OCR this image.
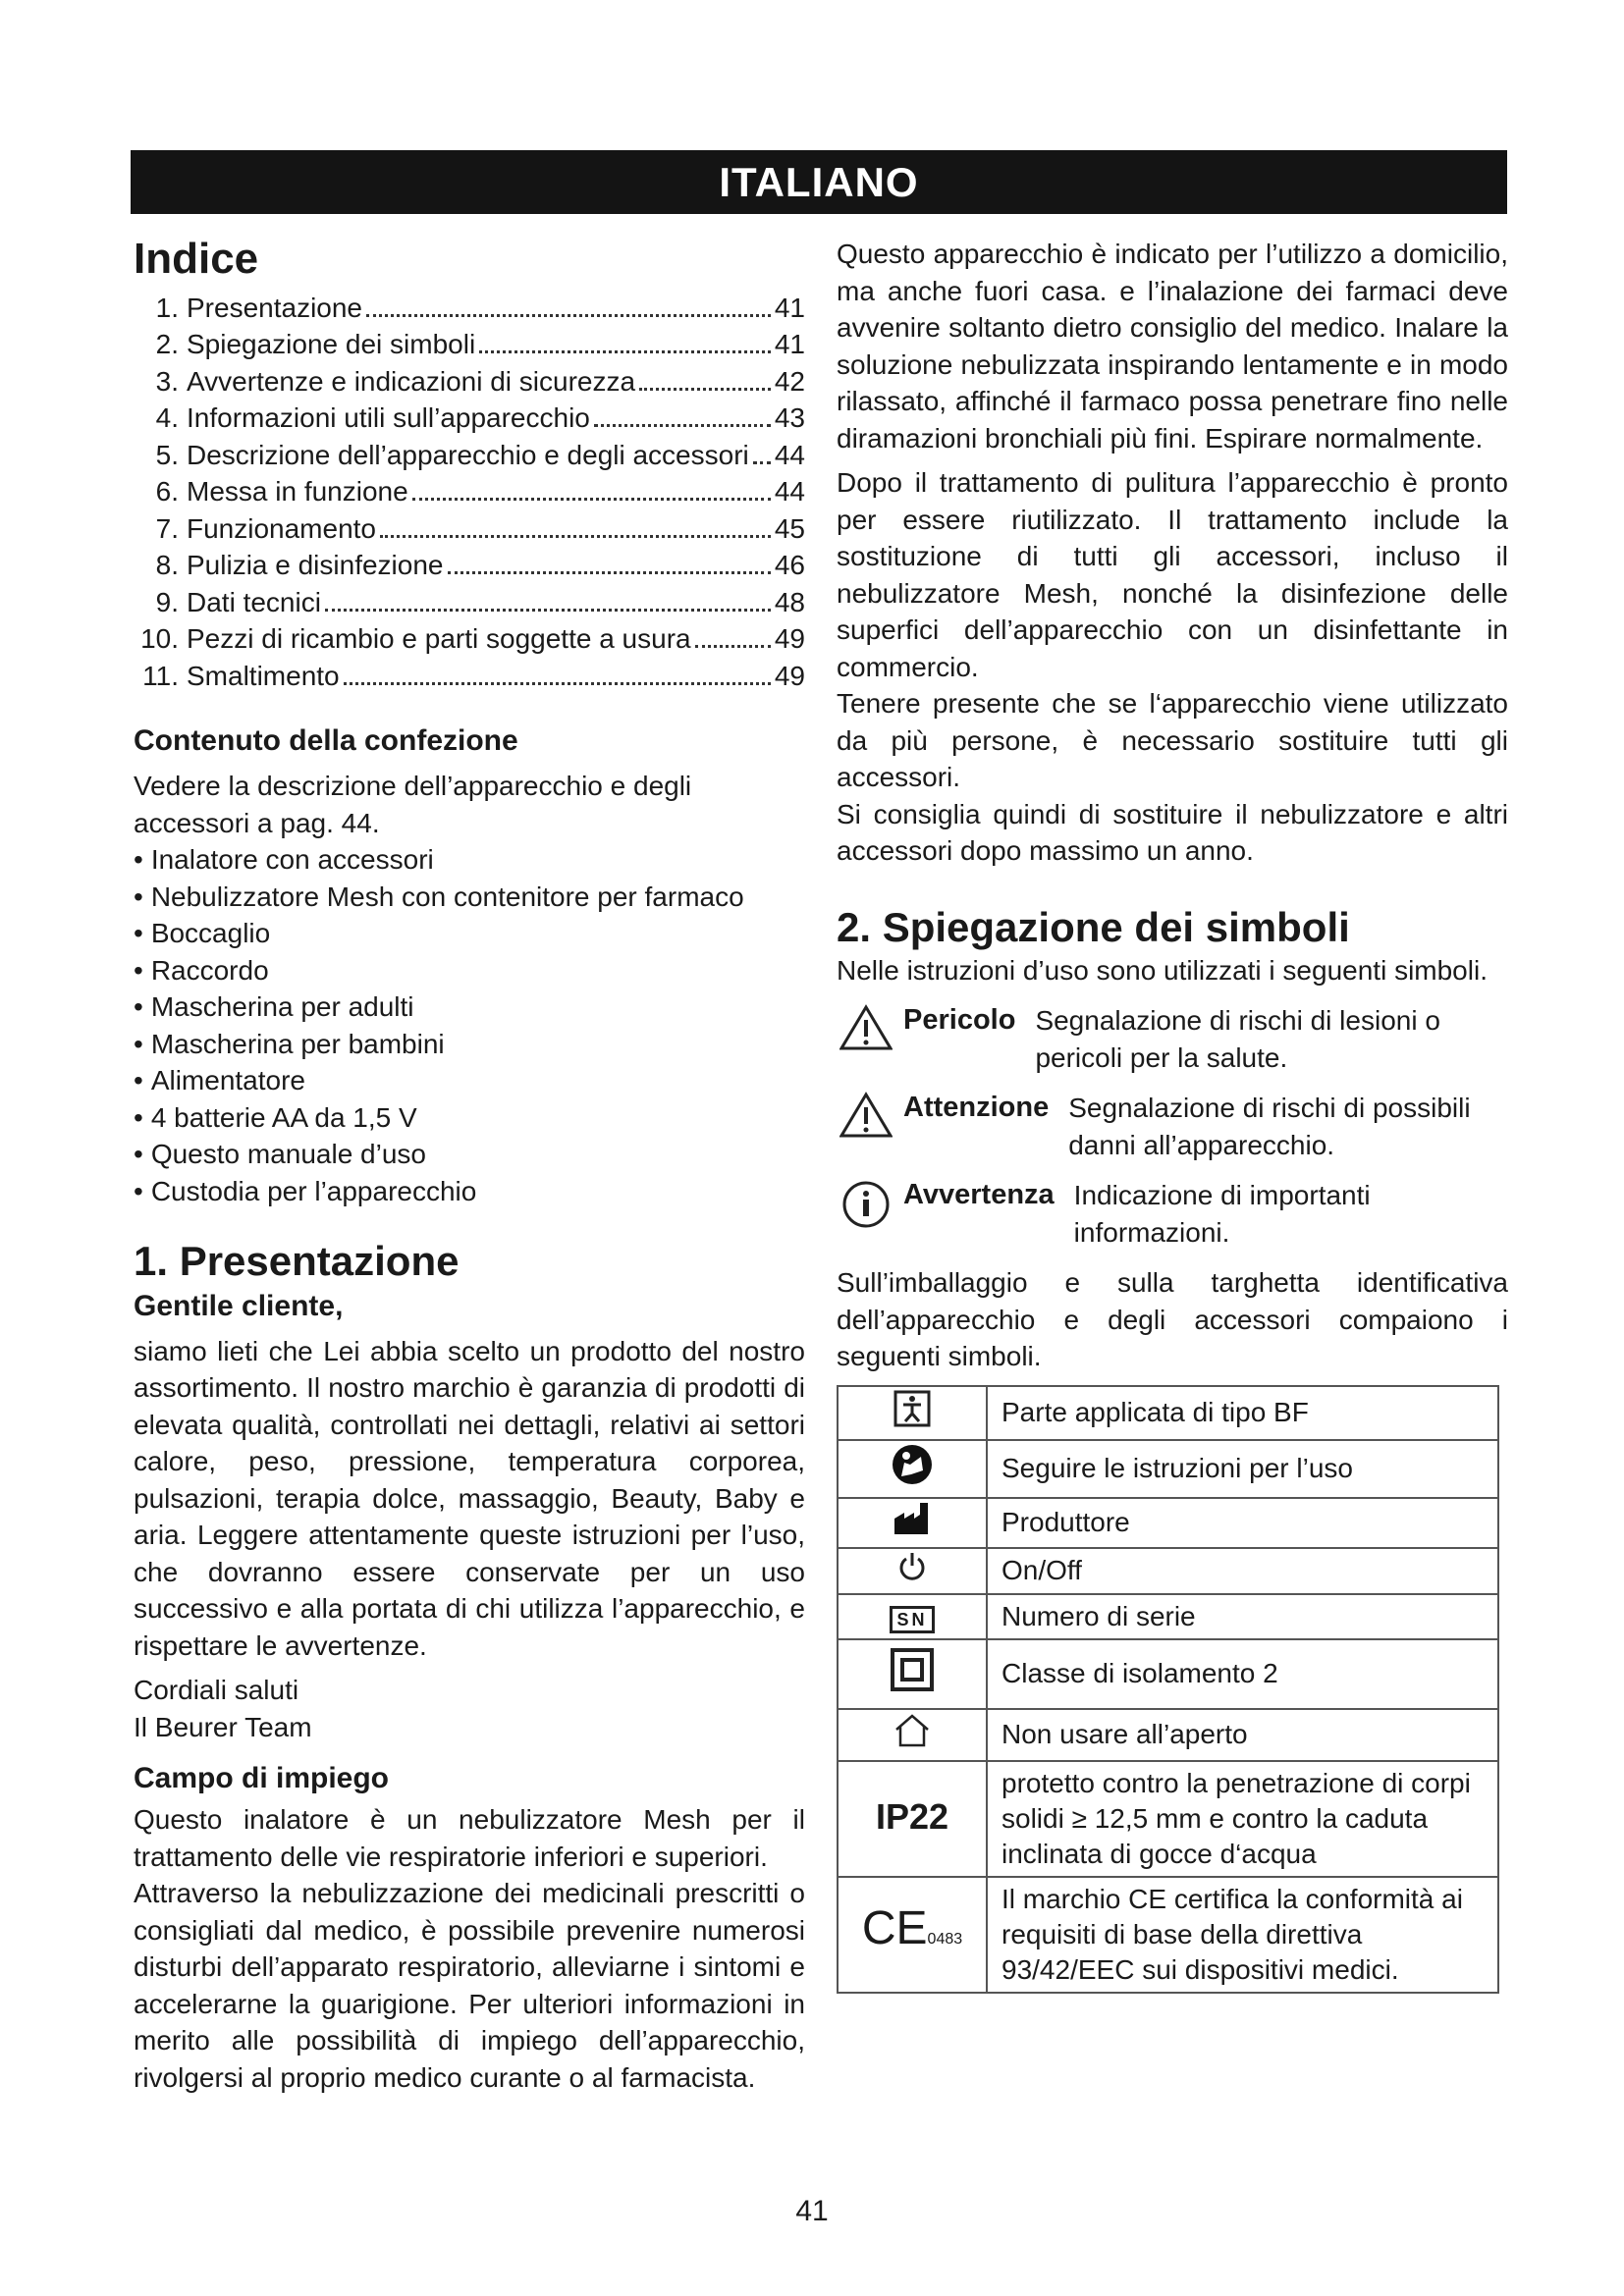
ITALIANO
Indice
1. Presentazione	41
2. Spiegazione dei simboli	41
3. Avvertenze e indicazioni di sicurezza	42
4. Informazioni utili sull’apparecchio	43
5. Descrizione dell’apparecchio e degli accessori 44
6. Messa in funzione	44
7. Funzionamento	45
8. Pulizia e disinfezione	46
9. Dati tecnici	48
10. Pezzi di ricambio e parti soggette a usura	49
11. Smaltimento	49
Contenuto della confezione

Vedere la descrizione dell’apparecchio e degli accessori a pag. 44.

• Inalatore con accessori
• Nebulizzatore Mesh con contenitore per farmaco
• Boccaglio
• Raccordo
• Mascherina per adulti
• Mascherina per bambini
• Alimentatore
• 4 batterie AA da 1,5 V
• Questo manuale d’uso
• Custodia per l’apparecchio
1. Presentazione
Gentile cliente,

siamo lieti che Lei abbia scelto un prodotto del nostro assortimento. Il nostro marchio è garanzia di prodotti di elevata qualità, controllati nei dettagli, relativi ai settori calore, peso, pressione, temperatura corporea, pulsazioni, terapia dolce, massaggio, Beauty, Baby e aria. Leggere attentamente queste istruzioni per l’uso, che dovranno essere conservate per un uso successivo e alla portata di chi utilizza l’apparecchio, e rispettare le avvertenze.

Cordiali saluti

Il Beurer Team

Campo di impiego

Questo inalatore è un nebulizzatore Mesh per il trattamento delle vie respiratorie inferiori e superiori.

Attraverso la nebulizzazione dei medicinali prescritti o consigliati dal medico, è possibile prevenire numerosi disturbi dell’apparato respiratorio, alleviarne i sintomi e accelerarne la guarigione. Per ulteriori informazioni in merito alle possibilità di impiego dell’apparecchio, rivolgersi al proprio medico curante o al farmacista.

Questo apparecchio è indicato per l’utilizzo a domicilio, ma anche fuori casa. e l’inalazione dei farmaci deve avvenire soltanto dietro consiglio del medico. Inalare la soluzione nebulizzata inspirando lentamente e in modo rilassato, affinché il farmaco possa penetrare fino nelle diramazioni bronchiali più fini. Espirare normalmente.

Dopo il trattamento di pulitura l’apparecchio è pronto per essere riutilizzato. Il trattamento include la sostituzione di tutti gli accessori, incluso il nebulizzatore Mesh, nonché la disinfezione delle superfici dell’apparecchio con un disinfettante in commercio.

Tenere presente che se l‘apparecchio viene utilizzato da più persone, è necessario sostituire tutti gli accessori.

Si consiglia quindi di sostituire il nebulizzatore e altri accessori dopo massimo un anno.

2. Spiegazione dei simboli

Nelle istruzioni d’uso sono utilizzati i seguenti simboli.

Pericolo Segnalazione di rischi di lesioni o pericoli per la salute.
Attenzione Segnalazione di rischi di possibili danni all’apparecchio.
Avvertenza Indicazione di importanti informazioni.

Sull’imballaggio e sulla targhetta identificativa dell’apparecchio e degli accessori compaiono i seguenti simboli.

	Parte applicata di tipo BF
	Seguire le istruzioni per l’uso
	Produttore
	On/Off
SN	Numero di serie
	Classe di isolamento 2
	Non usare all’aperto
IP22	protetto contro la penetrazione di corpi solidi ≥ 12,5 mm e contro la caduta inclinata di gocce d‘acqua
CE0483	Il marchio CE certifica la conformità ai requisiti di base della direttiva 93/42/EEC sui dispositivi medici.
41
